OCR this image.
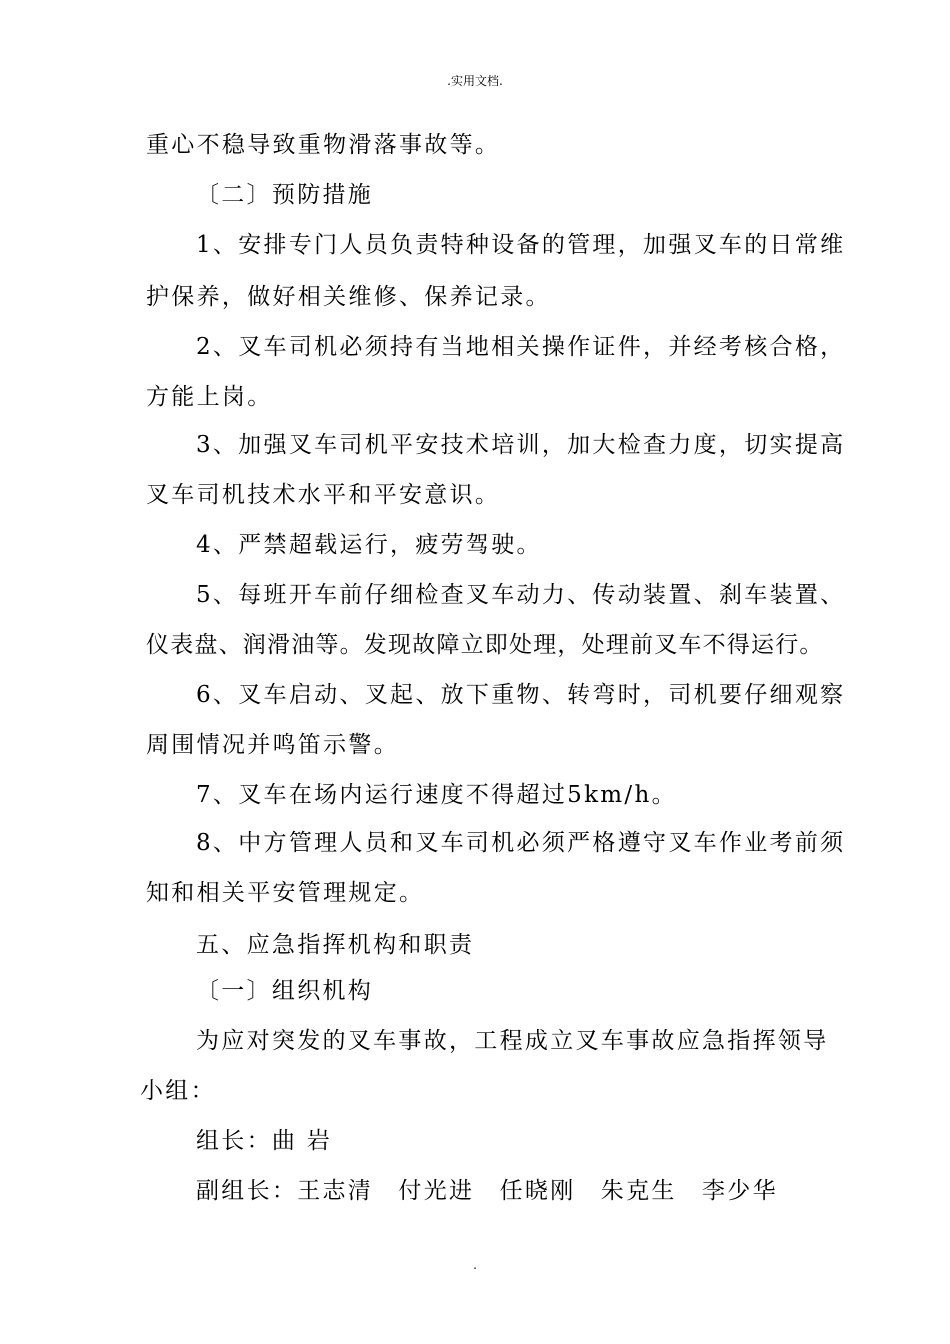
.实用文档.
重心不稳导致重物滑落事故等。
〔二〕预防措施
1、安排专门人员负责特种设备的管理，加强叉车的日常维
护保养，做好相关维修、保养记录。
2、叉车司机必须持有当地相关操作证件，并经考核合格，
方能上岗。
3、加强叉车司机平安技术培训，加大检查力度，切实提高
叉车司机技术水平和平安意识。
4、严禁超载运行，疲劳驾驶。
5、每班开车前仔细检查叉车动力、传动装置、刹车装置、
仪表盘、润滑油等。发现故障立即处理，处理前叉车不得运行。
6、叉车启动、叉起、放下重物、转弯时，司机要仔细观察
周围情况并鸣笛示警。
7、叉车在场内运行速度不得超过5km/h。
8、中方管理人员和叉车司机必须严格遵守叉车作业考前须
知和相关平安管理规定。
五、应急指挥机构和职责
〔一〕组织机构
为应对突发的叉车事故，工程成立叉车事故应急指挥领导
小组：
组长：曲 岩
副组长：王志清　付光进　任晓刚　朱克生　李少华
.
